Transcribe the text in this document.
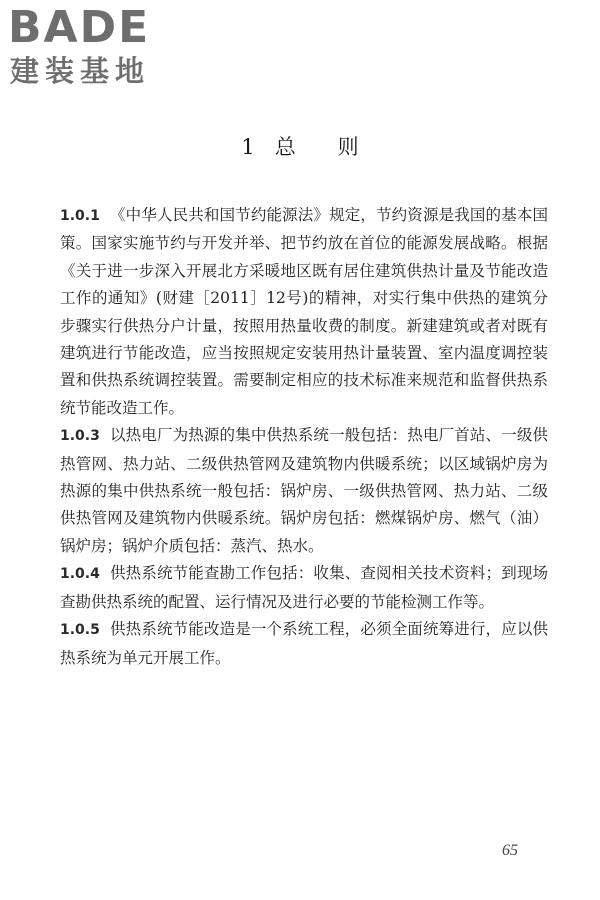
BADE
建装基地
1 总则

1.0.1 《中华人民共和国节约能源法》规定，节约资源是我国的基本国策。国家实施节约与开发并举、把节约放在首位的能源发展战略。根据《关于进一步深入开展北方采暖地区既有居住建筑供热计量及节能改造工作的通知》(财建［2011］12号)的精神，对实行集中供热的建筑分步骤实行供热分户计量，按照用热量收费的制度。新建建筑或者对既有建筑进行节能改造，应当按照规定安装用热计量装置、室内温度调控装置和供热系统调控装置。需要制定相应的技术标准来规范和监督供热系统节能改造工作。

1.0.3 以热电厂为热源的集中供热系统一般包括：热电厂首站、一级供热管网、热力站、二级供热管网及建筑物内供暖系统；以区域锅炉房为热源的集中供热系统一般包括：锅炉房、一级供热管网、热力站、二级供热管网及建筑物内供暖系统。锅炉房包括：燃煤锅炉房、燃气（油）锅炉房；锅炉介质包括：蒸汽、热水。

1.0.4 供热系统节能查勘工作包括：收集、查阅相关技术资料；到现场查勘供热系统的配置、运行情况及进行必要的节能检测工作等。

1.0.5 供热系统节能改造是一个系统工程，必须全面统筹进行，应以供热系统为单元开展工作。

65
